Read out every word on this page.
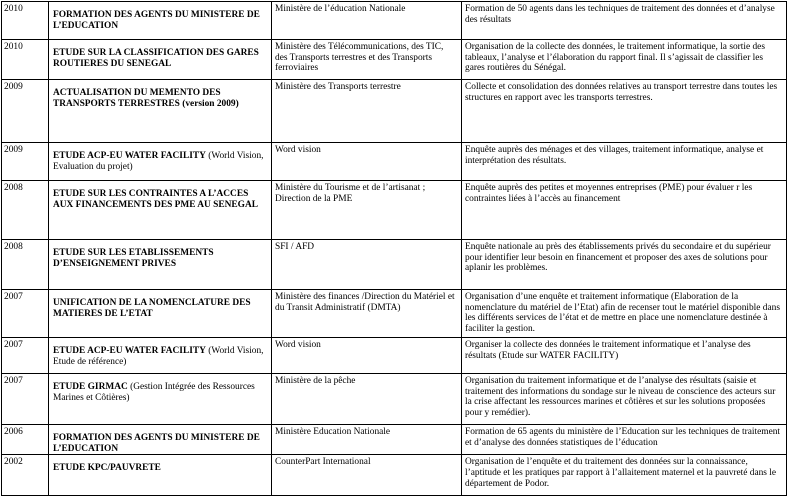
2010	FORMATION DES AGENTS DU MINISTERE DE L’EDUCATION	Ministère de l’éducation Nationale	Formation de 50 agents dans les techniques de traitement des données et d’analyse des résultats
2010	ETUDE SUR LA CLASSIFICATION DES GARES ROUTIERES DU SENEGAL	Ministère des Télécommunications, des TIC, des Transports terrestres et des Transports ferroviaires	Organisation de la collecte des données, le traitement informatique, la sortie des tableaux, l’analyse et l’élaboration du rapport final. Il s’agissait de classifier les gares routières du Sénégal.
2009	ACTUALISATION DU MEMENTO DES TRANSPORTS TERRESTRES (version 2009)	Ministère des Transports terrestre	Collecte et consolidation des données relatives au transport terrestre dans toutes les structures en rapport avec les transports terrestres.
2009	ETUDE ACP-EU WATER FACILITY (World Vision, Evaluation du projet)	Word vision	Enquête auprès des ménages et des villages, traitement informatique, analyse et interprétation des résultats.
2008	ETUDE SUR LES CONTRAINTES A L’ACCES AUX FINANCEMENTS DES PME AU SENEGAL	Ministère du Tourisme et de l’artisanat ; Direction de la PME	Enquête auprès des petites et moyennes entreprises (PME) pour évaluer r les contraintes liées à l’accès au financement
2008	ETUDE SUR LES ETABLISSEMENTS D’ENSEIGNEMENT PRIVES	SFI / AFD	Enquête nationale au près des établissements privés du secondaire et du supérieur pour identifier leur besoin en financement et proposer des axes de solutions pour aplanir les problèmes.
2007	UNIFICATION DE LA NOMENCLATURE DES MATIERES DE L’ETAT	Ministère des finances /Direction du Matériel et du Transit Administratif (DMTA)	Organisation d’une enquête et traitement informatique (Elaboration de la nomenclature du matériel de l’Etat) afin de recenser tout le matériel disponible dans les différents services de l’état et de mettre en place une nomenclature destinée à faciliter la gestion.
2007	ETUDE ACP-EU WATER FACILITY (World Vision, Etude de référence)	Word vision	Organiser la collecte des données le traitement informatique et l’analyse des résultats (Etude sur WATER FACILITY)
2007	ETUDE GIRMAC (Gestion Intégrée des Ressources Marines et Côtières)	Ministère de la pêche	Organisation du traitement informatique et de l’analyse des résultats (saisie et traitement des informations du sondage sur le niveau de conscience des acteurs sur la crise affectant les ressources marines et côtières et sur les solutions proposées pour y remédier).
2006	FORMATION DES AGENTS DU MINISTERE DE L’EDUCATION	Ministère Education Nationale	Formation de 65 agents du ministère de l’Education sur les techniques de traitement et d’analyse des données statistiques de l’éducation
2002	ETUDE KPC/PAUVRETE	CounterPart International	Organisation de l’enquête et du traitement des données sur la connaissance, l’aptitude et les pratiques par rapport à l’allaitement maternel et la pauvreté dans le département de Podor.
